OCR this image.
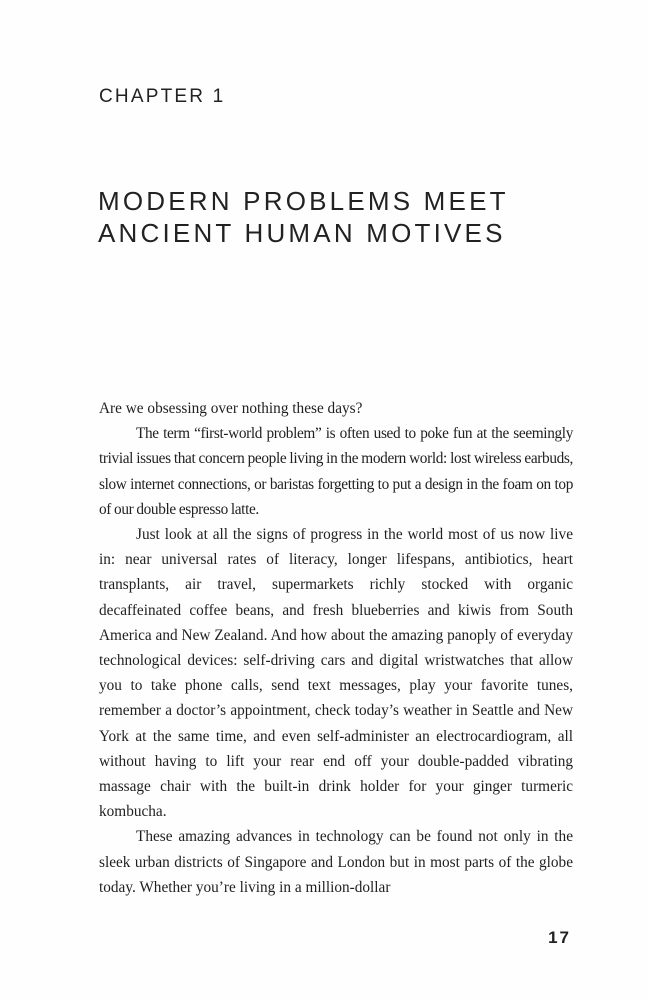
CHAPTER 1
MODERN PROBLEMS MEET
ANCIENT HUMAN MOTIVES

Are we obsessing over nothing these days?

The term “first-world problem” is often used to poke fun at the seemingly trivial issues that concern people living in the modern world: lost wireless earbuds, slow internet connections, or baristas forgetting to put a design in the foam on top of our double espresso latte.

Just look at all the signs of progress in the world most of us now live in: near universal rates of literacy, longer lifespans, antibiotics, heart transplants, air travel, supermarkets richly stocked with organic decaffeinated coffee beans, and fresh blueberries and kiwis from South America and New Zealand. And how about the amazing panoply of everyday technological devices: self-driving cars and digital wristwatches that allow you to take phone calls, send text messages, play your favorite tunes, remember a doctor’s appointment, check today’s weather in Seattle and New York at the same time, and even self-administer an electrocardiogram, all without having to lift your rear end off your double-padded vibrating massage chair with the built-in drink holder for your ginger turmeric kombucha.

These amazing advances in technology can be found not only in the sleek urban districts of Singapore and London but in most parts of the globe today. Whether you’re living in a million-dollar

17
